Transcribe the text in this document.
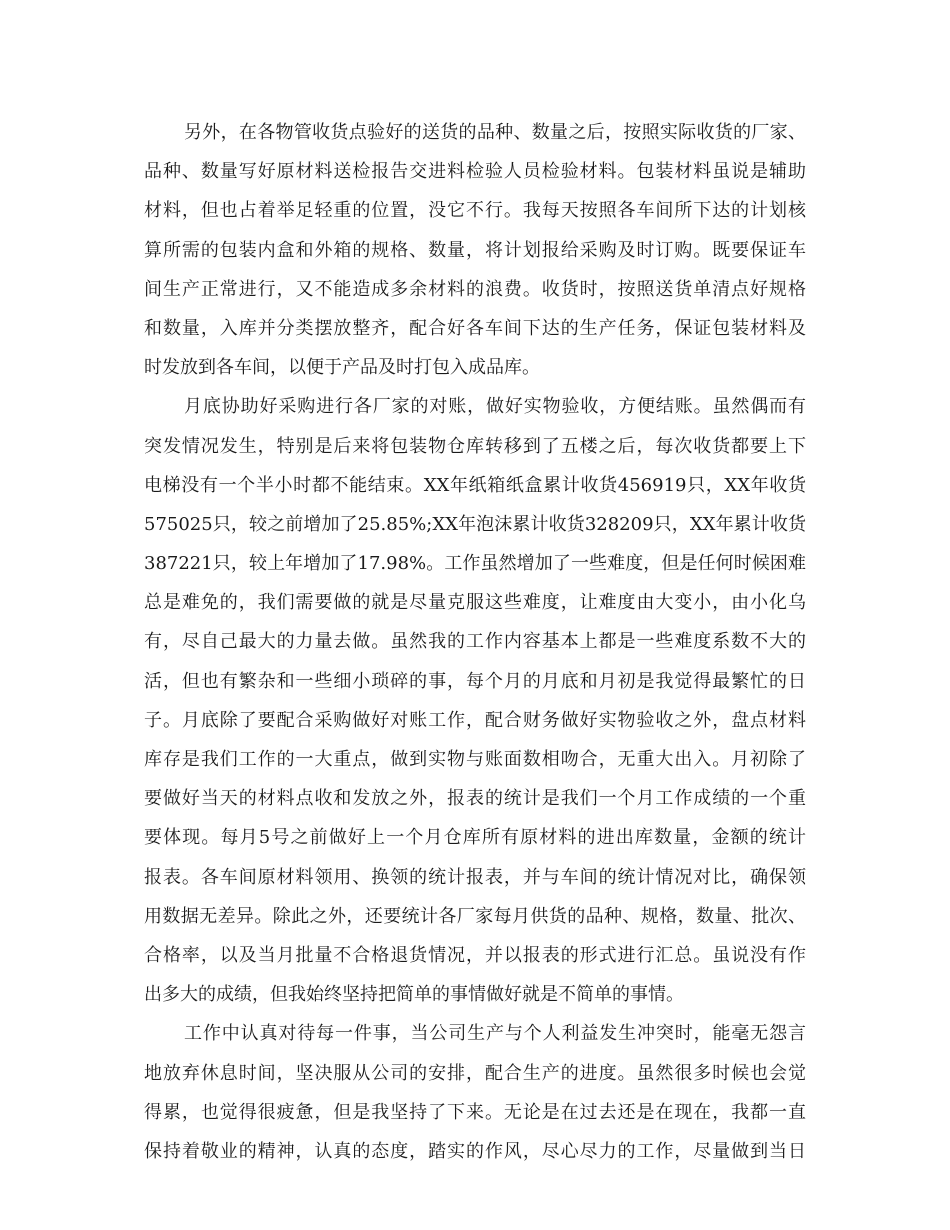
另外，在各物管收货点验好的送货的品种、数量之后，按照实际收货的厂家、
品种、数量写好原材料送检报告交进料检验人员检验材料。包装材料虽说是辅助
材料，但也占着举足轻重的位置，没它不行。我每天按照各车间所下达的计划核
算所需的包装内盒和外箱的规格、数量，将计划报给采购及时订购。既要保证车
间生产正常进行，又不能造成多余材料的浪费。收货时，按照送货单清点好规格
和数量，入库并分类摆放整齐，配合好各车间下达的生产任务，保证包装材料及
时发放到各车间，以便于产品及时打包入成品库。
月底协助好采购进行各厂家的对账，做好实物验收，方便结账。虽然偶而有
突发情况发生，特别是后来将包装物仓库转移到了五楼之后，每次收货都要上下
电梯没有一个半小时都不能结束。XX年纸箱纸盒累计收货456919只，XX年收货
575025只，较之前增加了25.85%;XX年泡沫累计收货328209只，XX年累计收货
387221只，较上年增加了17.98%。工作虽然增加了一些难度，但是任何时候困难
总是难免的，我们需要做的就是尽量克服这些难度，让难度由大变小，由小化乌
有，尽自己最大的力量去做。虽然我的工作内容基本上都是一些难度系数不大的
活，但也有繁杂和一些细小琐碎的事，每个月的月底和月初是我觉得最繁忙的日
子。月底除了要配合采购做好对账工作，配合财务做好实物验收之外，盘点材料
库存是我们工作的一大重点，做到实物与账面数相吻合，无重大出入。月初除了
要做好当天的材料点收和发放之外，报表的统计是我们一个月工作成绩的一个重
要体现。每月5号之前做好上一个月仓库所有原材料的进出库数量，金额的统计
报表。各车间原材料领用、换领的统计报表，并与车间的统计情况对比，确保领
用数据无差异。除此之外，还要统计各厂家每月供货的品种、规格，数量、批次、
合格率，以及当月批量不合格退货情况，并以报表的形式进行汇总。虽说没有作
出多大的成绩，但我始终坚持把简单的事情做好就是不简单的事情。
工作中认真对待每一件事，当公司生产与个人利益发生冲突时，能毫无怨言
地放弃休息时间，坚决服从公司的安排，配合生产的进度。虽然很多时候也会觉
得累，也觉得很疲惫，但是我坚持了下来。无论是在过去还是在现在，我都一直
保持着敬业的精神，认真的态度，踏实的作风，尽心尽力的工作，尽量做到当日
